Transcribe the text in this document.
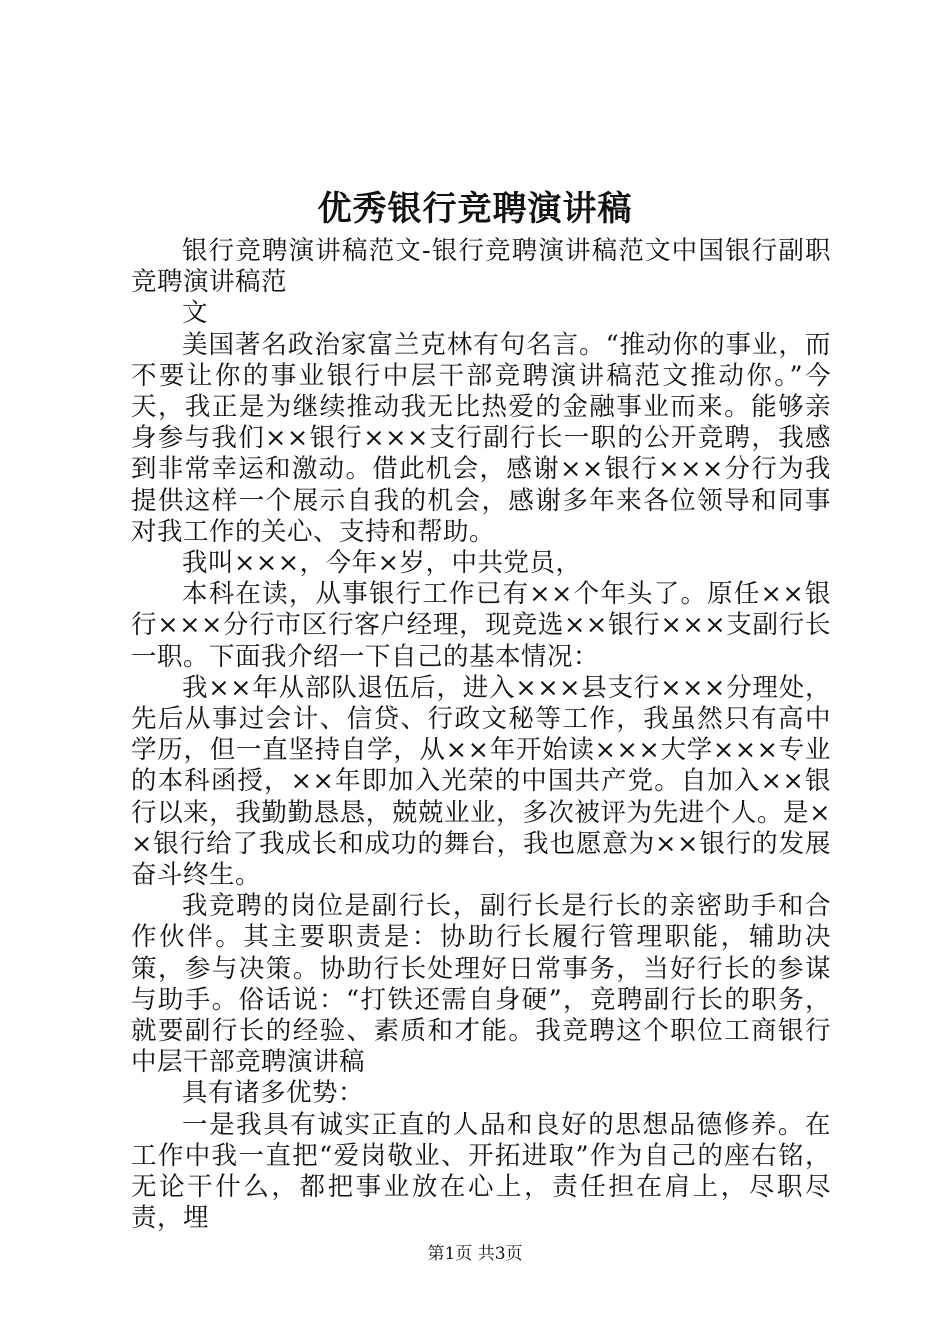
优秀银行竞聘演讲稿

银行竞聘演讲稿范文-银行竞聘演讲稿范文中国银行副职竞聘演讲稿范

文

美国著名政治家富兰克林有句名言。“推动你的事业，而不要让你的事业银行中层干部竞聘演讲稿范文推动你。”今天，我正是为继续推动我无比热爱的金融事业而来。能够亲身参与我们××银行×××支行副行长一职的公开竞聘，我感到非常幸运和激动。借此机会，感谢××银行×××分行为我提供这样一个展示自我的机会，感谢多年来各位领导和同事对我工作的关心、支持和帮助。

我叫×××，今年×岁，中共党员，

本科在读，从事银行工作已有××个年头了。原任××银行×××分行市区行客户经理，现竞选××银行×××支副行长一职。下面我介绍一下自己的基本情况：

我××年从部队退伍后，进入×××县支行×××分理处，先后从事过会计、信贷、行政文秘等工作，我虽然只有高中学历，但一直坚持自学，从××年开始读×××大学×××专业的本科函授，××年即加入光荣的中国共产党。自加入××银行以来，我勤勤恳恳，兢兢业业，多次被评为先进个人。是××银行给了我成长和成功的舞台，我也愿意为××银行的发展奋斗终生。

我竞聘的岗位是副行长，副行长是行长的亲密助手和合作伙伴。其主要职责是：协助行长履行管理职能，辅助决策，参与决策。协助行长处理好日常事务，当好行长的参谋与助手。俗话说：“打铁还需自身硬”，竞聘副行长的职务，就要副行长的经验、素质和才能。我竞聘这个职位工商银行中层干部竞聘演讲稿

具有诸多优势：

一是我具有诚实正直的人品和良好的思想品德修养。在工作中我一直把“爱岗敬业、开拓进取”作为自己的座右铭，无论干什么，都把事业放在心上，责任担在肩上，尽职尽责，埋

第1页 共3页
